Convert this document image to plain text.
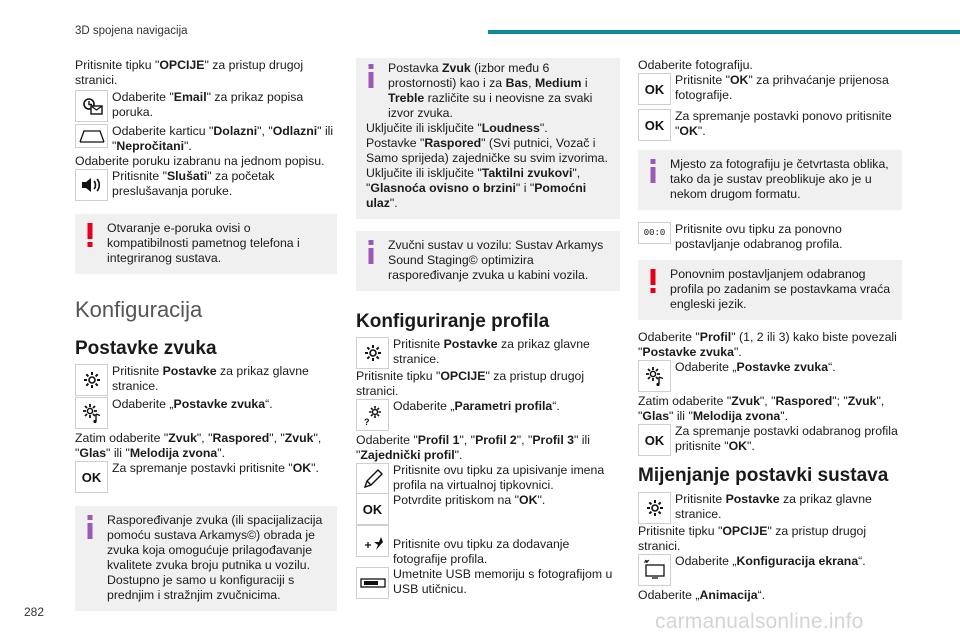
3D spojena navigacija

Pritisnite tipku "OPCIJE" za pristup drugoj stranici.

Odaberite "Email" za prikaz popisa poruka.

Odaberite karticu "Dolazni", "Odlazni" ili "Nepročitani".

Odaberite poruku izabranu na jednom popisu.

Pritisnite "Slušati" za početak preslušavanja poruke.

Otvaranje e-poruka ovisi o kompatibilnosti pametnog telefona i integriranog sustava.

Konfiguracija
Postavke zvuka

Pritisnite Postavke za prikaz glavne stranice.

Odaberite „Postavke zvuka“.

Zatim odaberite "Zvuk", "Raspored", "Zvuk", "Glas" ili "Melodija zvona".

OK

Za spremanje postavki pritisnite "OK".

Raspoređivanje zvuka (ili spacijalizacija pomoću sustava Arkamys©) obrada je zvuka koja omogućuje prilagođavanje kvalitete zvuka broju putnika u vozilu. Dostupno je samo u konfiguraciji s prednjim i stražnjim zvučnicima.

Postavka Zvuk (izbor među 6 prostornosti) kao i za Bas, Medium i Treble različite su i neovisne za svaki izvor zvuka.

Uključite ili isključite "Loudness".

Postavke "Raspored" (Svi putnici, Vozač i Samo sprijeda) zajedničke su svim izvorima.

Uključite ili isključite "Taktilni zvukovi", "Glasnoća ovisno o brzini" i "Pomoćni ulaz".

Zvučni sustav u vozilu: Sustav Arkamys Sound Staging© optimizira raspoređivanje zvuka u kabini vozila.

Konfiguriranje profila

Pritisnite Postavke za prikaz glavne stranice.

Pritisnite tipku "OPCIJE" za pristup drugoj stranici.

?

Odaberite „Parametri profila“.

Odaberite "Profil 1", "Profil 2", "Profil 3" ili "Zajednički profil".

Pritisnite ovu tipku za upisivanje imena profila na virtualnoj tipkovnici.

OK

Potvrdite pritiskom na "OK".

Pritisnite ovu tipku za dodavanje fotografije profila.

Umetnite USB memoriju s fotografijom u USB utičnicu.

Odaberite fotografiju.

OK

Pritisnite "OK" za prihvaćanje prijenosa fotografije.

OK

Za spremanje postavki ponovo pritisnite "OK".

Mjesto za fotografiju je četvrtasta oblika, tako da je sustav preoblikuje ako je u nekom drugom formatu.

00:0 Pritisnite ovu tipku za ponovno postavljanje odabranog profila.

Ponovnim postavljanjem odabranog profila po zadanim se postavkama vraća engleski jezik.

Odaberite "Profil" (1, 2 ili 3) kako biste povezali "Postavke zvuka".

Odaberite „Postavke zvuka“.

Zatim odaberite "Zvuk", "Raspored"; "Zvuk", "Glas" ili "Melodija zvona".

OK

Za spremanje postavki odabranog profila pritisnite "OK".

Mijenjanje postavki sustava

Pritisnite Postavke za prikaz glavne stranice.

Pritisnite tipku "OPCIJE" za pristup drugoj stranici.

Odaberite „Konfiguracija ekrana“.

Odaberite „Animacija“.

282	carmanualsonline.info
